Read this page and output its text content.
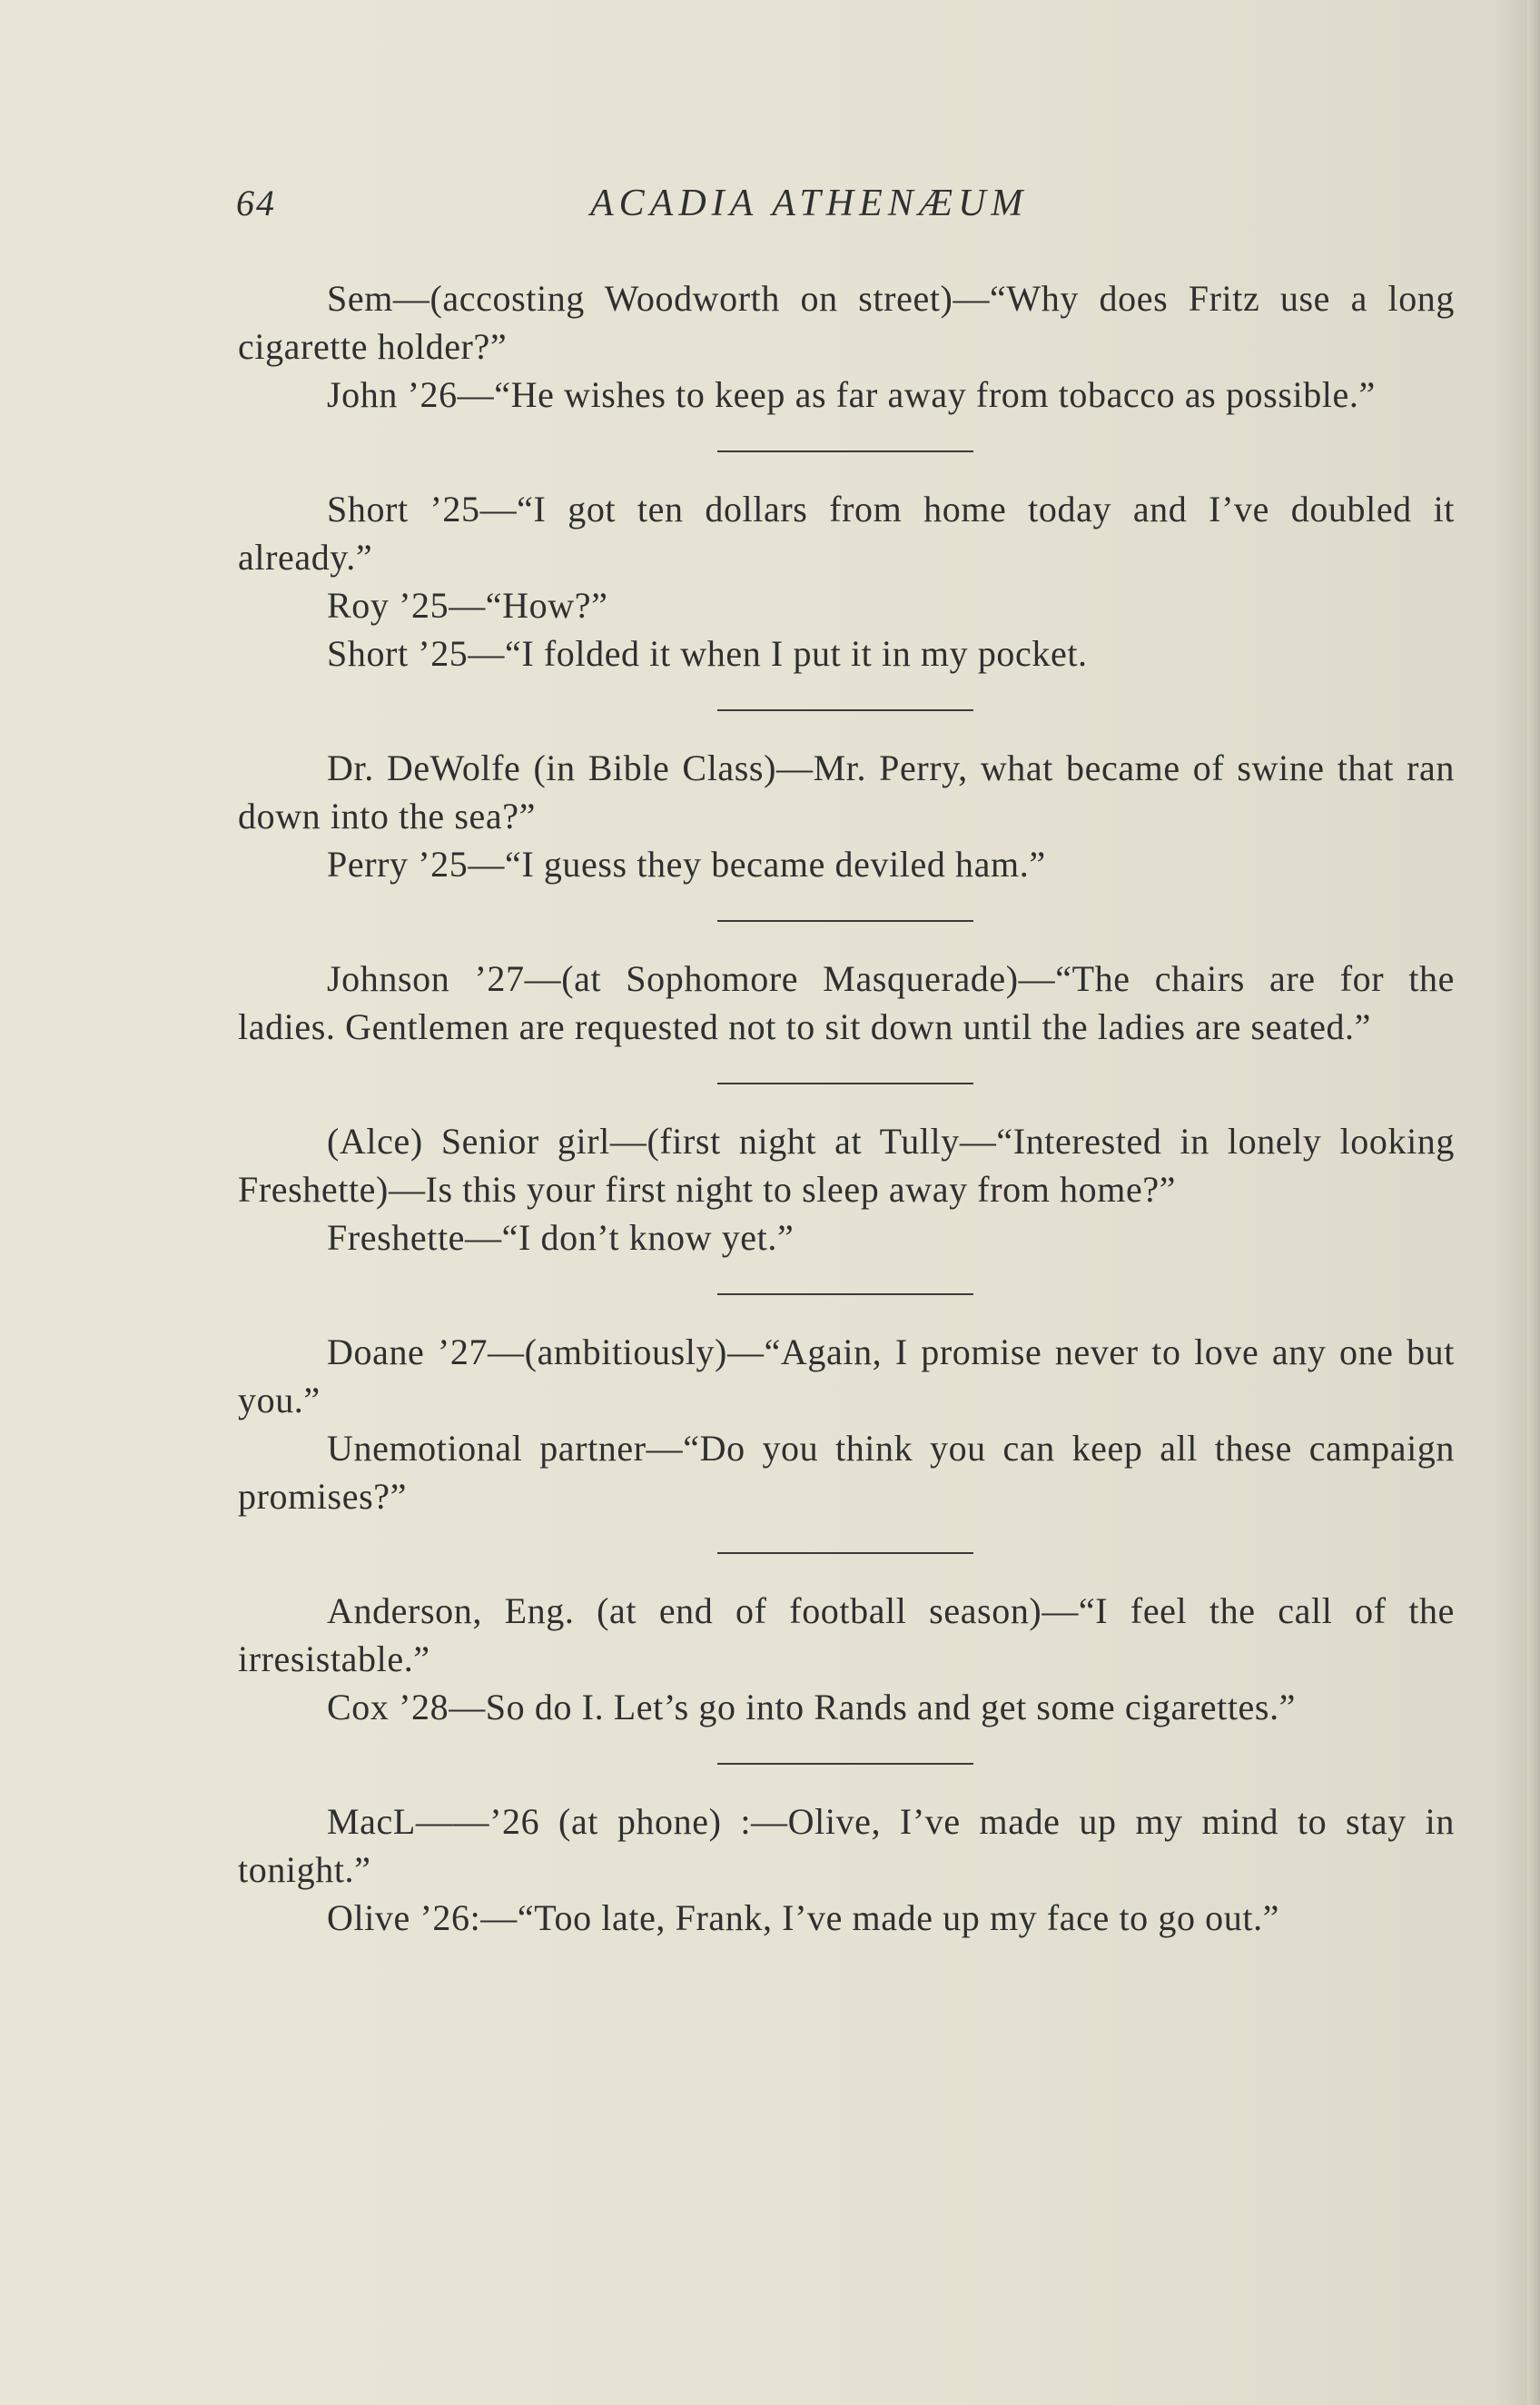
64	ACADIA ATHENÆUM

Sem—(accosting Woodworth on street)—“Why does Fritz use a long cigarette holder?”

John ’26—“He wishes to keep as far away from tobacco as possible.”

Short ’25—“I got ten dollars from home today and I’ve doubled it already.”

Roy ’25—“How?”

Short ’25—“I folded it when I put it in my pocket.

Dr. DeWolfe (in Bible Class)—Mr. Perry, what became of swine that ran down into the sea?”

Perry ’25—“I guess they became deviled ham.”

Johnson ’27—(at Sophomore Masquerade)—“The chairs are for the ladies. Gentlemen are requested not to sit down until the ladies are seated.”

(Alce) Senior girl—(first night at Tully—“Interested in lonely looking Freshette)—Is this your first night to sleep away from home?”

Freshette—“I don’t know yet.”

Doane ’27—(ambitiously)—“Again, I promise never to love any one but you.”

Unemotional partner—“Do you think you can keep all these campaign promises?”

Anderson, Eng. (at end of football season)—“I feel the call of the irresistable.”

Cox ’28—So do I. Let’s go into Rands and get some cigarettes.”

MacL——’26 (at phone) :—Olive, I’ve made up my mind to stay in tonight.”

Olive ’26:—“Too late, Frank, I’ve made up my face to go out.”
